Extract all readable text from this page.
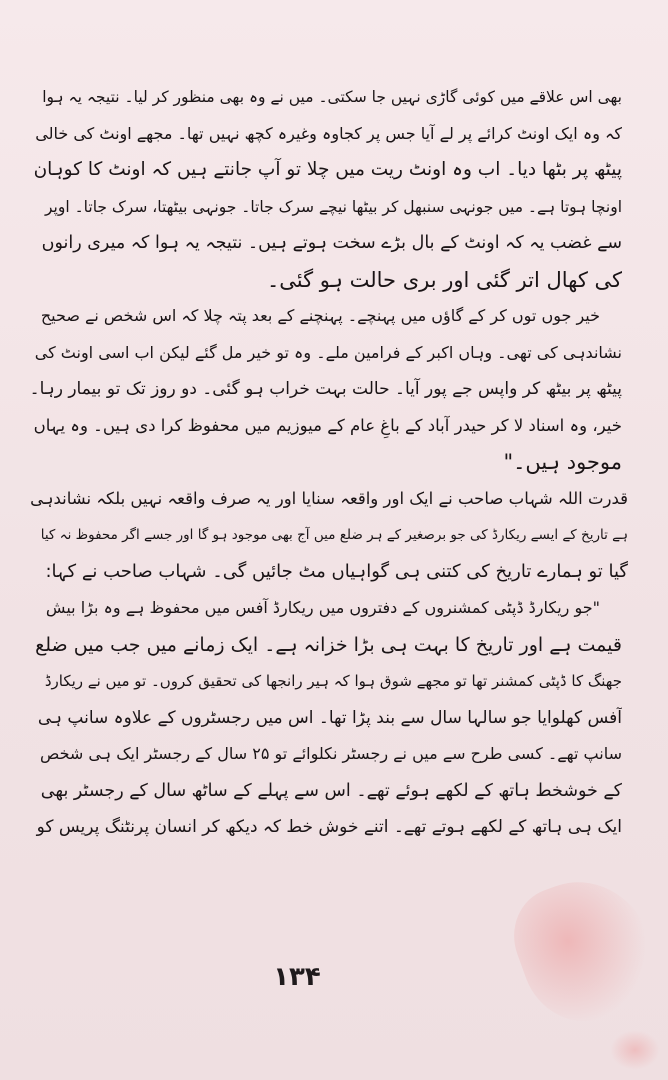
بھی اس علاقے میں کوئی گاڑی نہیں جا سکتی۔ میں نے وہ بھی منظور کر لیا۔ نتیجہ یہ ہوا
کہ وہ ایک اونٹ کرائے پر لے آیا جس پر کجاوہ وغیرہ کچھ نہیں تھا۔ مجھے اونٹ کی خالی
پیٹھ پر بٹھا دیا۔ اب وہ اونٹ ریت میں چلا تو آپ جانتے ہیں کہ اونٹ کا کوہان
اونچا ہوتا ہے۔ میں جونہی سنبھل کر بیٹھا نیچے سرک جاتا۔ جونہی بیٹھتا، سرک جاتا۔ اوپر
سے غضب یہ کہ اونٹ کے بال بڑے سخت ہوتے ہیں۔ نتیجہ یہ ہوا کہ میری رانوں
کی کھال اتر گئی اور بری حالت ہو گئی۔
خیر جوں توں کر کے گاؤں میں پہنچے۔ پہنچنے کے بعد پتہ چلا کہ اس شخص نے صحیح
نشاندہی کی تھی۔ وہاں اکبر کے فرامین ملے۔ وہ تو خیر مل گئے لیکن اب اسی اونٹ کی
پیٹھ پر بیٹھ کر واپس جے پور آیا۔ حالت بہت خراب ہو گئی۔ دو روز تک تو بیمار رہا۔
خیر، وہ اسناد لا کر حیدر آباد کے باغِ عام کے میوزیم میں محفوظ کرا دی ہیں۔ وہ یہاں
موجود ہیں۔"
قدرت اللہ شہاب صاحب نے ایک اور واقعہ سنایا اور یہ صرف واقعہ نہیں بلکہ نشاندہی
ہے تاریخ کے ایسے ریکارڈ کی جو برصغیر کے ہر ضلع میں آج بھی موجود ہو گا اور جسے اگر محفوظ نہ کیا
گیا تو ہمارے تاریخ کی کتنی ہی گواہیاں مٹ جائیں گی۔ شہاب صاحب نے کہا:
"جو ریکارڈ ڈپٹی کمشنروں کے دفتروں میں ریکارڈ آفس میں محفوظ ہے وہ بڑا بیش
قیمت ہے اور تاریخ کا بہت ہی بڑا خزانہ ہے۔ ایک زمانے میں جب میں ضلع
جھنگ کا ڈپٹی کمشنر تھا تو مجھے شوق ہوا کہ ہیر رانجھا کی تحقیق کروں۔ تو میں نے ریکارڈ
آفس کھلوایا جو سالہا سال سے بند پڑا تھا۔ اس میں رجسٹروں کے علاوہ سانپ ہی
سانپ تھے۔ کسی طرح سے میں نے رجسٹر نکلوائے تو ۲۵ سال کے رجسٹر ایک ہی شخص
کے خوشخط ہاتھ کے لکھے ہوئے تھے۔ اس سے پہلے کے ساٹھ سال کے رجسٹر بھی
ایک ہی ہاتھ کے لکھے ہوتے تھے۔ اتنے خوش خط کہ دیکھ کر انسان پرنٹنگ پریس کو
۱۳۴
